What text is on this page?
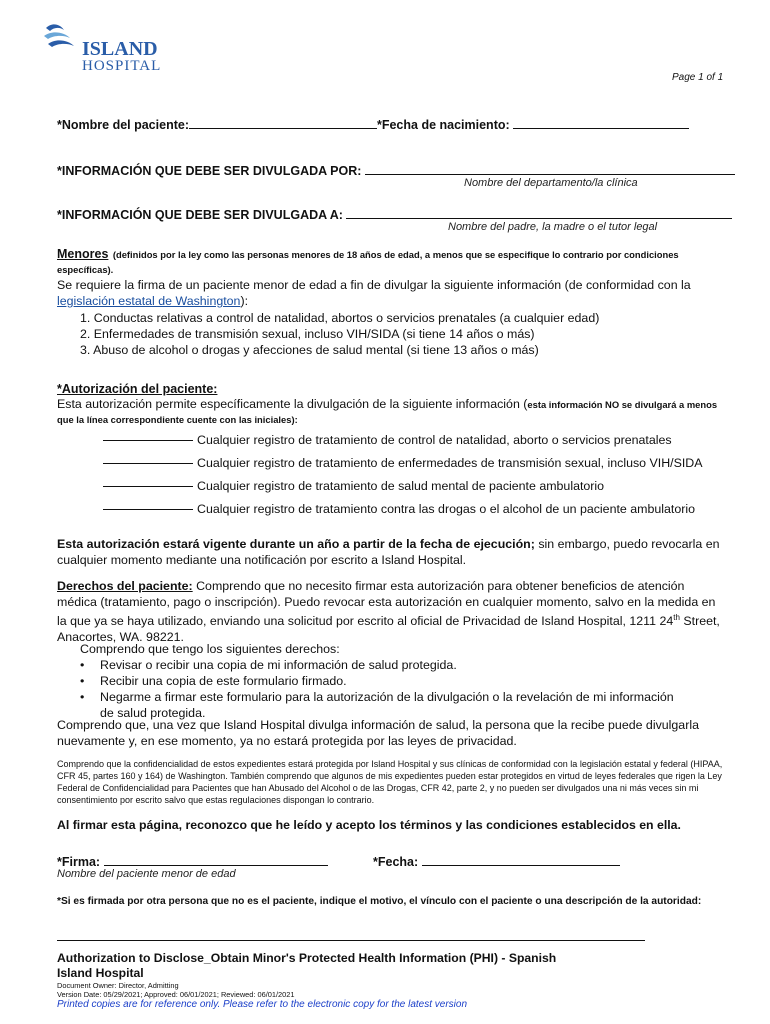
ISLAND
HOSPITAL
Page 1 of 1
*Nombre del paciente:	*Fecha de nacimiento:
*INFORMACIÓN QUE DEBE SER DIVULGADA POR:
Nombre del departamento/la clínica
*INFORMACIÓN QUE DEBE SER DIVULGADA A:
Nombre del padre, la madre o el tutor legal
Menores (definidos por la ley como las personas menores de 18 años de edad, a menos que se especifique lo contrario por condiciones específicas).
Se requiere la firma de un paciente menor de edad a fin de divulgar la siguiente información (de conformidad con la legislación estatal de Washington):
1. Conductas relativas a control de natalidad, abortos o servicios prenatales (a cualquier edad)
2. Enfermedades de transmisión sexual, incluso VIH/SIDA (si tiene 14 años o más)
3. Abuso de alcohol o drogas y afecciones de salud mental (si tiene 13 años o más)
*Autorización del paciente:
Esta autorización permite específicamente la divulgación de la siguiente información (esta información NO se divulgará a menos que la línea correspondiente cuente con las iniciales):
Cualquier registro de tratamiento de control de natalidad, aborto o servicios prenatales
Cualquier registro de tratamiento de enfermedades de transmisión sexual, incluso VIH/SIDA
Cualquier registro de tratamiento de salud mental de paciente ambulatorio
Cualquier registro de tratamiento contra las drogas o el alcohol de un paciente ambulatorio
Esta autorización estará vigente durante un año a partir de la fecha de ejecución; sin embargo, puedo revocarla en cualquier momento mediante una notificación por escrito a Island Hospital.
Derechos del paciente: Comprendo que no necesito firmar esta autorización para obtener beneficios de atención médica (tratamiento, pago o inscripción). Puedo revocar esta autorización en cualquier momento, salvo en la medida en la que ya se haya utilizado, enviando una solicitud por escrito al oficial de Privacidad de Island Hospital, 1211 24th Street, Anacortes, WA. 98221.
Comprendo que tengo los siguientes derechos:
• Revisar o recibir una copia de mi información de salud protegida.
• Recibir una copia de este formulario firmado.
• Negarme a firmar este formulario para la autorización de la divulgación o la revelación de mi información de salud protegida.
Comprendo que, una vez que Island Hospital divulga información de salud, la persona que la recibe puede divulgarla nuevamente y, en ese momento, ya no estará protegida por las leyes de privacidad.
Comprendo que la confidencialidad de estos expedientes estará protegida por Island Hospital y sus clínicas de conformidad con la legislación estatal y federal (HIPAA, CFR 45, partes 160 y 164) de Washington. También comprendo que algunos de mis expedientes pueden estar protegidos en virtud de leyes federales que rigen la Ley Federal de Confidencialidad para Pacientes que han Abusado del Alcohol o de las Drogas, CFR 42, parte 2, y no pueden ser divulgados una ni más veces sin mi consentimiento por escrito salvo que estas regulaciones dispongan lo contrario.
Al firmar esta página, reconozco que he leído y acepto los términos y las condiciones establecidos en ella.
*Firma:	*Fecha:
Nombre del paciente menor de edad
*Si es firmada por otra persona que no es el paciente, indique el motivo, el vínculo con el paciente o una descripción de la autoridad:
Authorization to Disclose_Obtain Minor's Protected Health Information (PHI) - Spanish
Island Hospital
Document Owner: Director, Admitting
Version Date: 05/29/2021; Approved: 06/01/2021; Reviewed: 06/01/2021
Printed copies are for reference only. Please refer to the electronic copy for the latest version
